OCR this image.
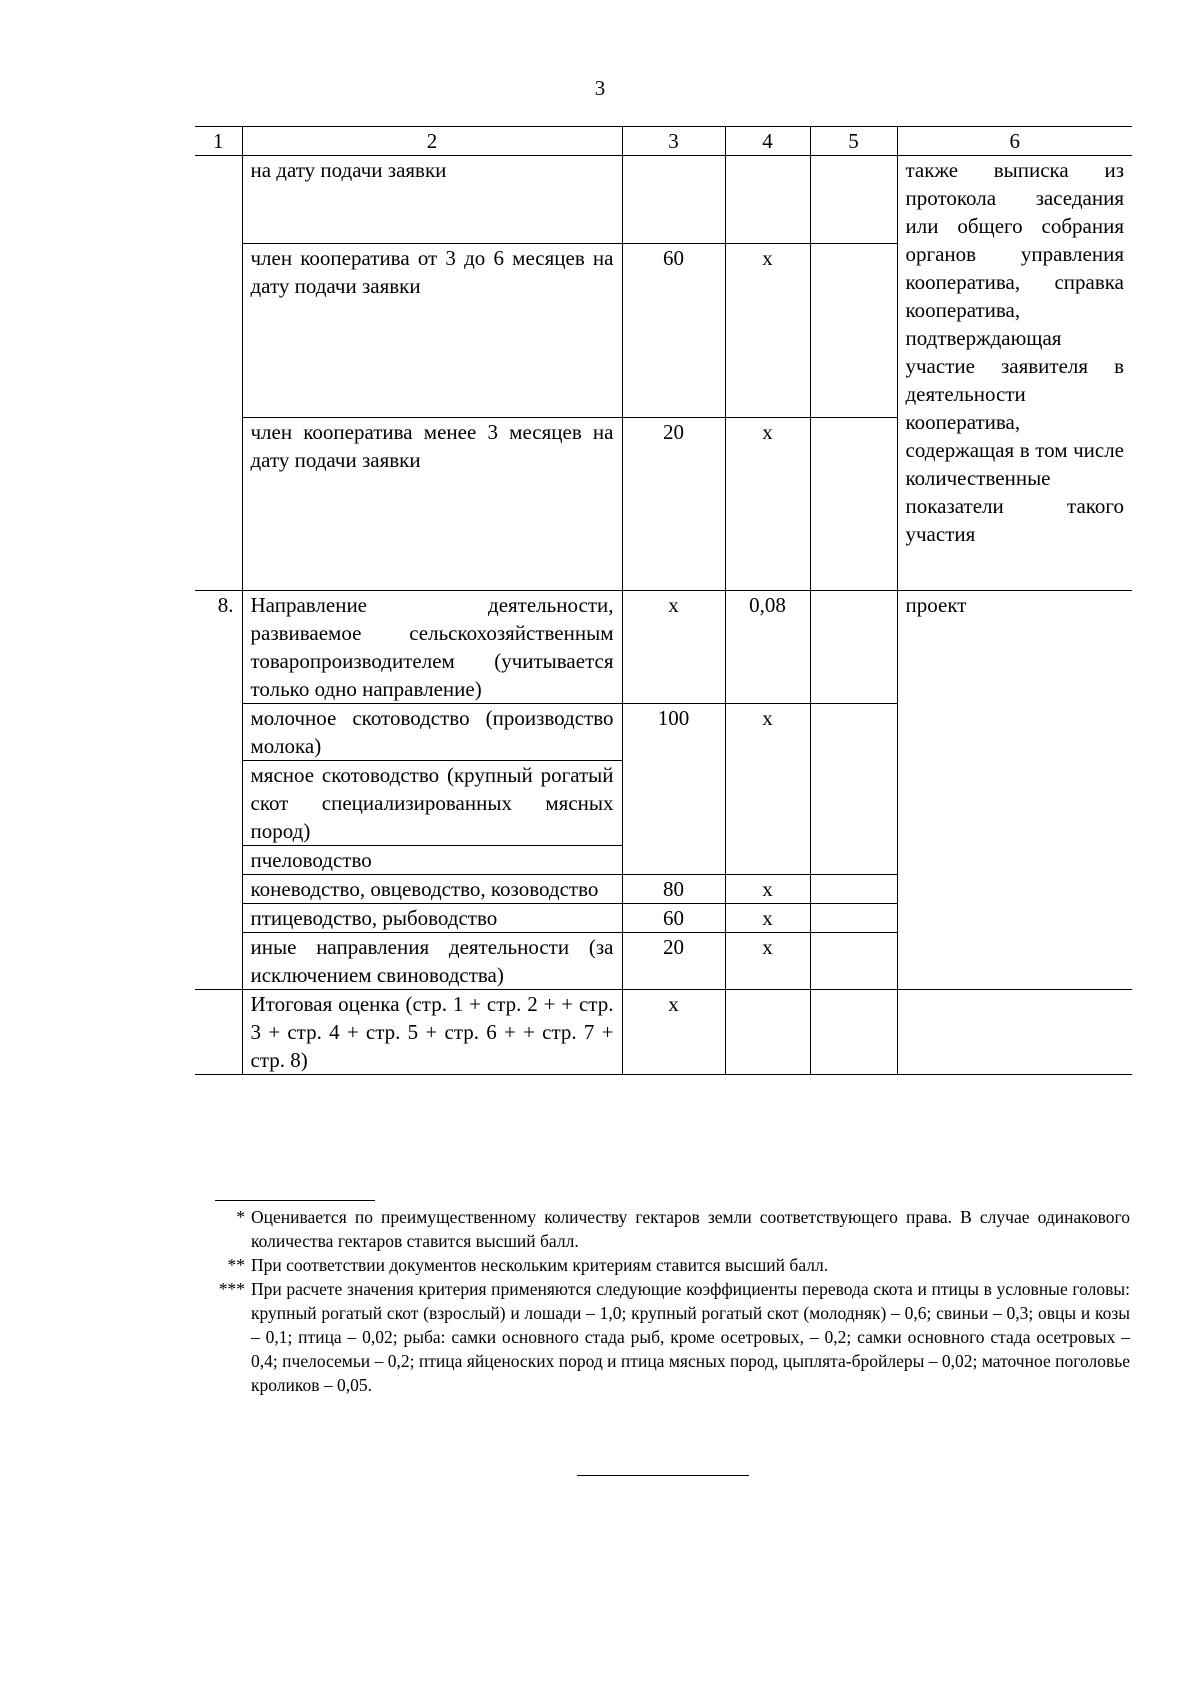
3
1	2	3	4	5	6
	на дату подачи заявки				также выписка из протокола заседания или общего собрания органов управления кооператива, справка кооператива, подтверждающая участие заявителя в деятельности кооператива, содержащая в том числе количественные показатели такого участия
	член кооператива от 3 до 6 месяцев на дату подачи заявки	60	х		
	член кооператива менее 3 месяцев на дату подачи заявки	20	х		
8.	Направление деятельности, развиваемое сельскохозяйственным товаропроизводителем (учитывается только одно направление)	х	0,08		проект
	молочное скотоводство (производство молока)	100	х		
	мясное скотоводство (крупный рогатый скот специализированных мясных пород)				
	пчеловодство				
	коневодство, овцеводство, козоводство	80	х		
	птицеводство, рыбоводство	60	х		
	иные направления деятельности (за исключением свиноводства)	20	х		
	Итоговая оценка (стр. 1 + стр. 2 + + стр. 3 + стр. 4 + стр. 5 + стр. 6 + + стр. 7 + стр. 8)	х			
* Оценивается по преимущественному количеству гектаров земли соответствующего права. В случае одинакового количества гектаров ставится высший балл.
** При соответствии документов нескольким критериям ставится высший балл.
*** При расчете значения критерия применяются следующие коэффициенты перевода скота и птицы в условные головы: крупный рогатый скот (взрослый) и лошади – 1,0; крупный рогатый скот (молодняк) – 0,6; свиньи – 0,3; овцы и козы – 0,1; птица – 0,02; рыба: самки основного стада рыб, кроме осетровых, – 0,2; самки основного стада осетровых – 0,4; пчелосемьи – 0,2; птица яйценоских пород и птица мясных пород, цыплята-бройлеры – 0,02; маточное поголовье кроликов – 0,05.
